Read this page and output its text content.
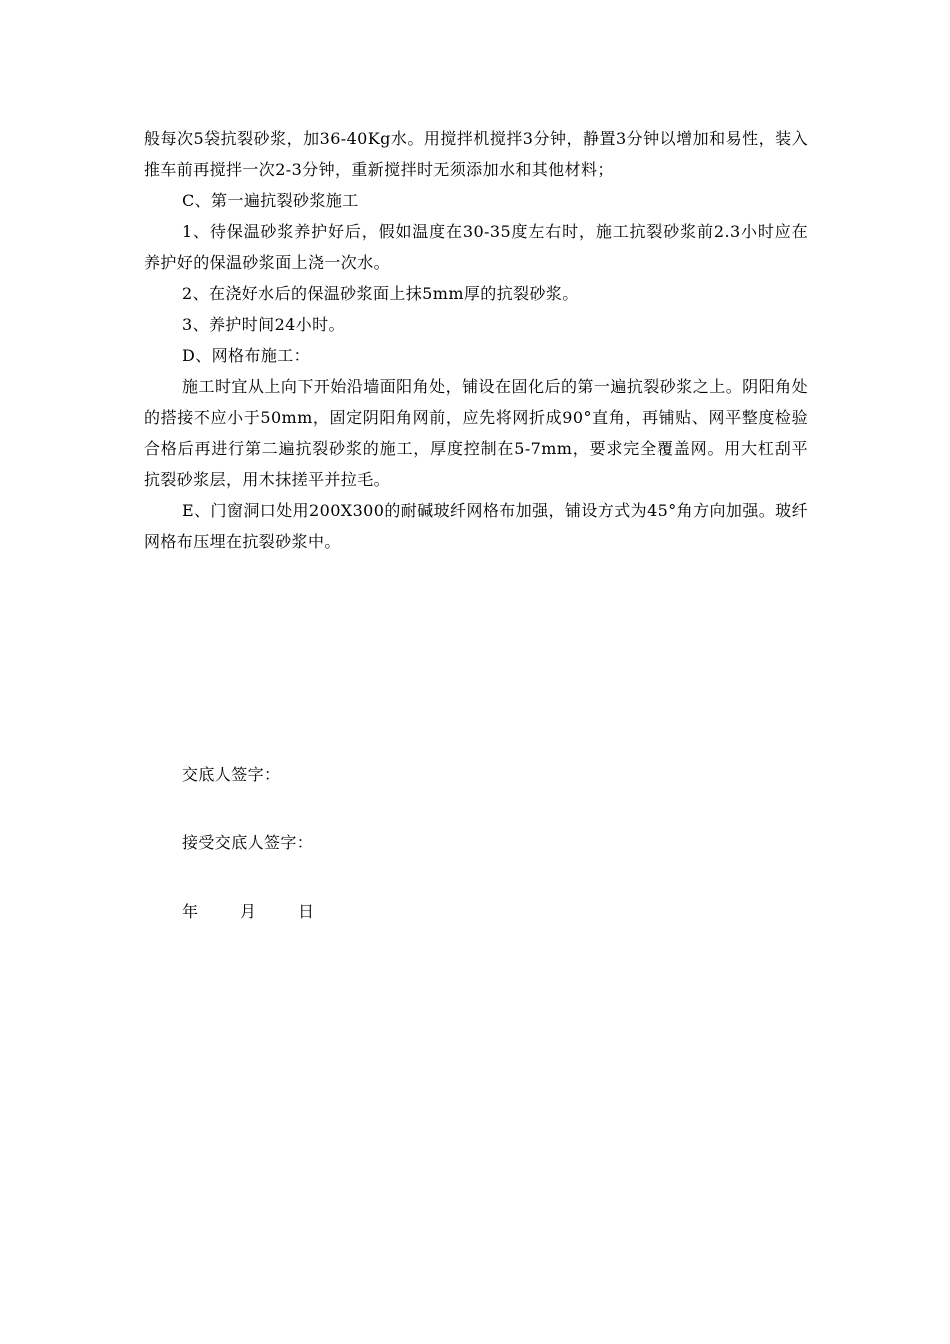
般每次5袋抗裂砂浆，加36-40Kg水。用搅拌机搅拌3分钟，静置3分钟以增加和易性，装入推车前再搅拌一次2-3分钟，重新搅拌时无须添加水和其他材料；

C、第一遍抗裂砂浆施工

1、待保温砂浆养护好后，假如温度在30-35度左右时，施工抗裂砂浆前2.3小时应在养护好的保温砂浆面上浇一次水。

2、在浇好水后的保温砂浆面上抹5mm厚的抗裂砂浆。

3、养护时间24小时。

D、网格布施工：

施工时宜从上向下开始沿墙面阳角处，铺设在固化后的第一遍抗裂砂浆之上。阴阳角处的搭接不应小于50mm，固定阴阳角网前，应先将网折成90°直角，再铺贴、网平整度检验合格后再进行第二遍抗裂砂浆的施工，厚度控制在5-7mm，要求完全覆盖网。用大杠刮平抗裂砂浆层，用木抹搓平并拉毛。

E、门窗洞口处用200X300的耐碱玻纤网格布加强，铺设方式为45°角方向加强。玻纤网格布压埋在抗裂砂浆中。

交底人签字：

接受交底人签字：

年	月	日
